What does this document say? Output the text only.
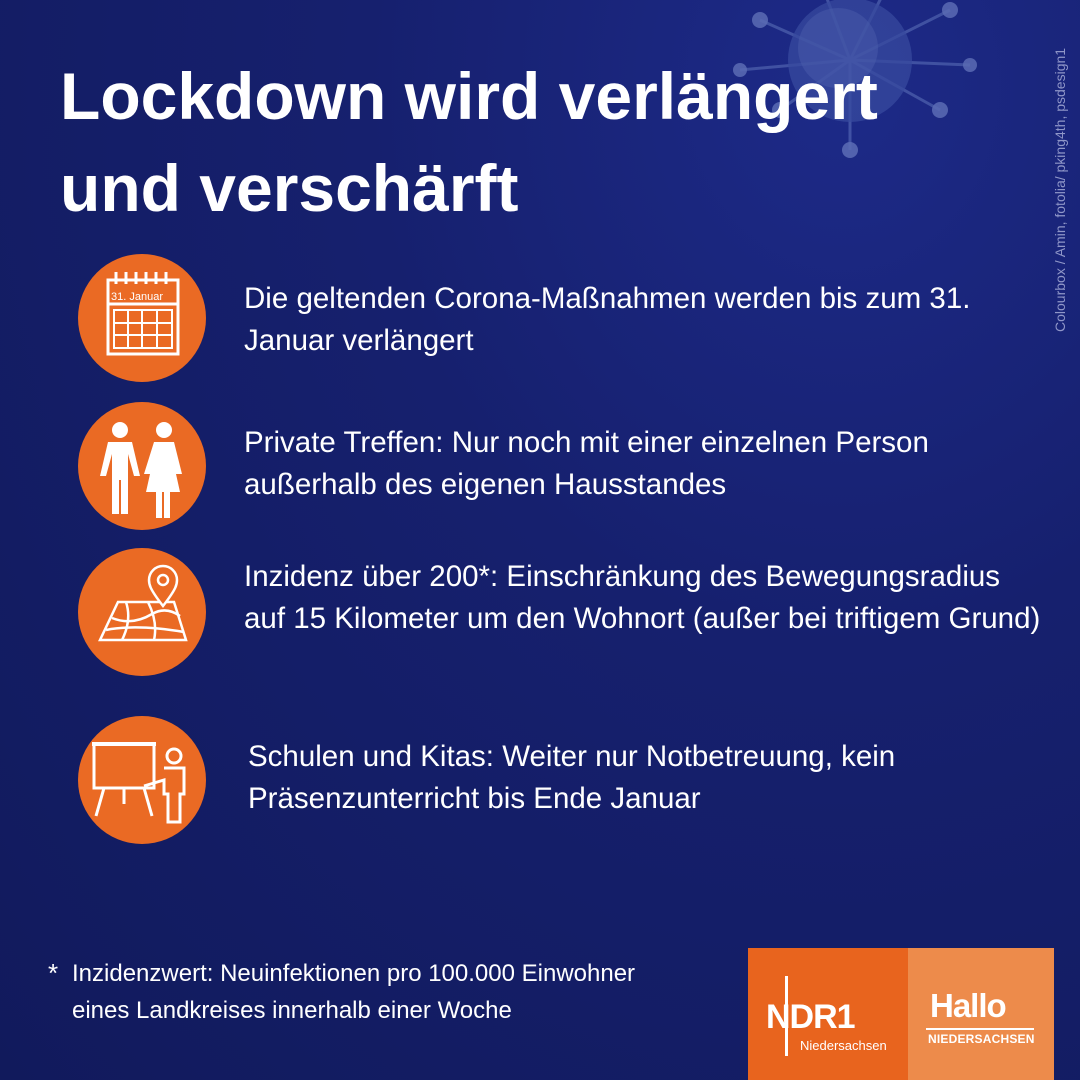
Colourbox / Amin, fotolia/ pking4th, psdesign1
Lockdown wird verlängert und verschärft
31. Januar	Die geltenden Corona-Maßnahmen werden bis zum 31. Januar verlängert
Private Treffen: Nur noch mit einer einzelnen Person außerhalb des eigenen Hausstandes
Inzidenz über 200*: Einschränkung des Bewegungsradius auf 15 Kilometer um den Wohnort (außer bei triftigem Grund)
Schulen und Kitas: Weiter nur Notbetreuung, kein Präsenzunterricht bis Ende Januar
* Inzidenzwert: Neuinfektionen pro 100.000 Einwohner eines Landkreises innerhalb einer Woche	NDR1
Niedersachsen
Hallo
NIEDERSACHSEN
